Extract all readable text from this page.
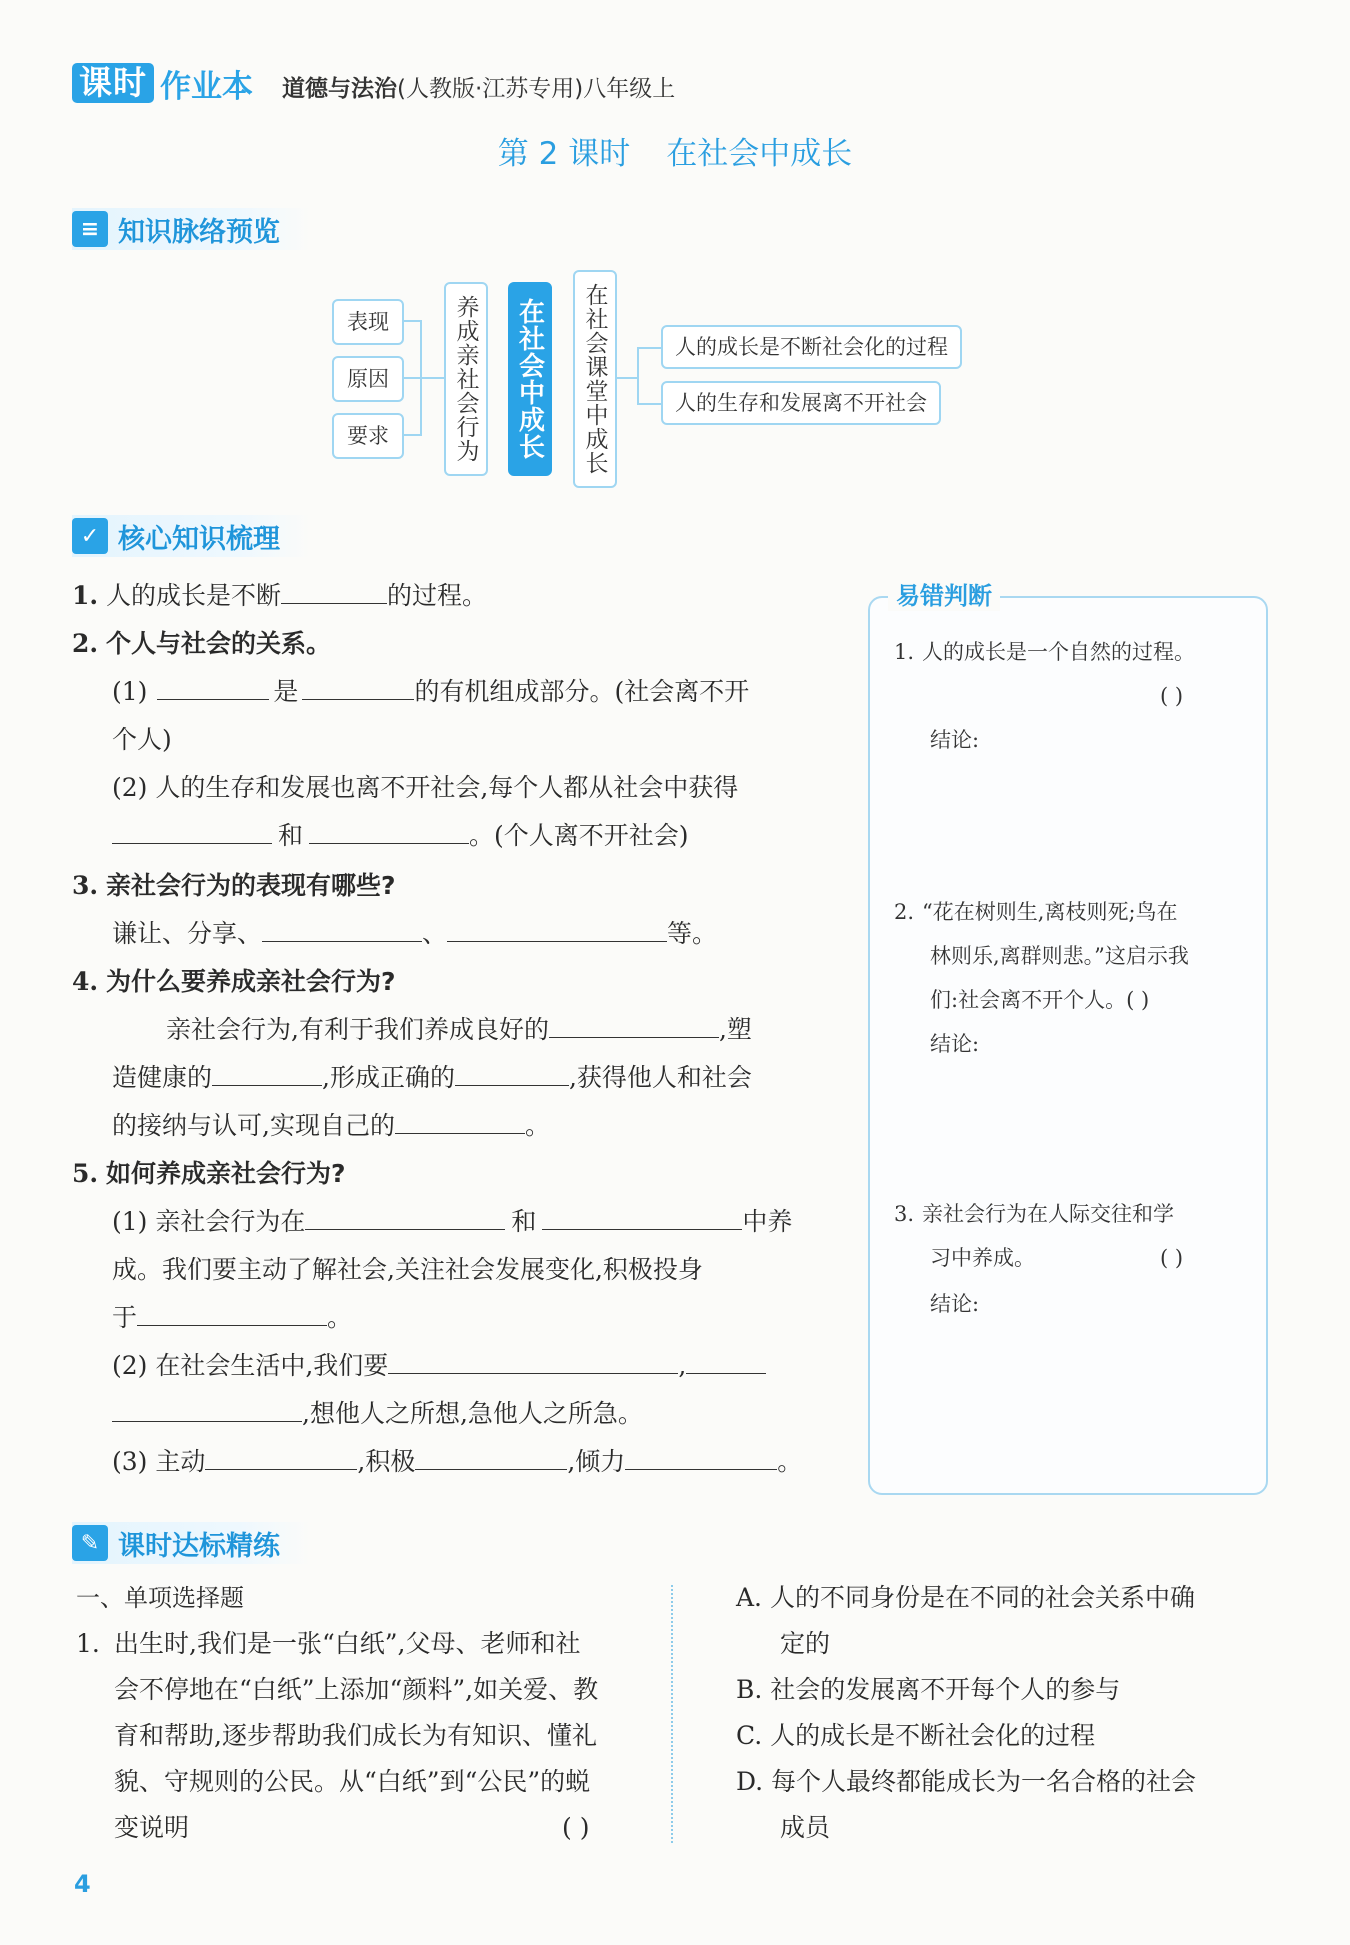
课时 作业本 道德与法治(人教版·江苏专用)八年级上
第 2 课时 在社会中成长
≡ 知识脉络预览
表现
原因
要求	养成亲社会行为	在社会中成长	在社会课堂中成长	人的成长是不断社会化的过程
人的生存和发展离不开社会
✓ 核心知识梳理
1. 人的成长是不断	的过程。
2. 个人与社会的关系。
(1)	是	的有机组成部分。(社会离不开
个人)
(2) 人的生存和发展也离不开社会,每个人都从社会中获得
和	。(个人离不开社会)
3. 亲社会行为的表现有哪些?
谦让、分享、	、	等。
4. 为什么要养成亲社会行为?
亲社会行为,有利于我们养成良好的	,塑
造健康的	,形成正确的	,获得他人和社会
的接纳与认可,实现自己的	。
5. 如何养成亲社会行为?
(1) 亲社会行为在	和	中养
成。我们要主动了解社会,关注社会发展变化,积极投身
于	。
(2) 在社会生活中,我们要	,
,想他人之所想,急他人之所急。
(3) 主动	,积极	,倾力	。
易错判断
1. 人的成长是一个自然的过程。
( )
结论:
2. “花在树则生,离枝则死;鸟在
林则乐,离群则悲。”这启示我
们:社会离不开个人。( )
结论:
3. 亲社会行为在人际交往和学
习中养成。	( )
结论:
✎ 课时达标精练
一、单项选择题
1. 出生时,我们是一张“白纸”,父母、老师和社
会不停地在“白纸”上添加“颜料”,如关爱、教
育和帮助,逐步帮助我们成长为有知识、懂礼
貌、守规则的公民。从“白纸”到“公民”的蜕
变说明	( )
A. 人的不同身份是在不同的社会关系中确
定的
B. 社会的发展离不开每个人的参与
C. 人的成长是不断社会化的过程
D. 每个人最终都能成长为一名合格的社会
成员
4
